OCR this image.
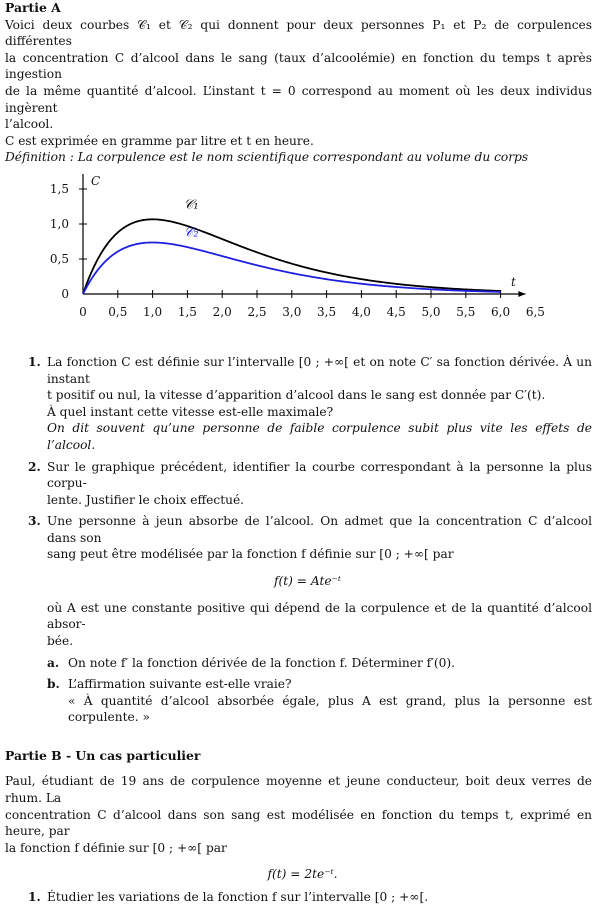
Partie A

Voici deux courbes 𝒞₁ et 𝒞₂ qui donnent pour deux personnes P₁ et P₂ de corpulences différentes

la concentration C d’alcool dans le sang (taux d’alcoolémie) en fonction du temps t après ingestion

de la même quantité d’alcool. L’instant t = 0 correspond au moment où les deux individus ingèrent

l’alcool.

C est exprimée en gramme par litre et t en heure.

Définition : La corpulence est le nom scientifique correspondant au volume du corps

0 0,5 1,0 1,5 2,0 2,5 3,0 3,5 4,0 4,5 5,0 5,5 6,0 6,5
0
0,5
1,0
1,5
C
t
𝒞₁
𝒞₂
1. La fonction C est définie sur l’intervalle [0 ; +∞[ et on note C′ sa fonction dérivée. À un instant
t positif ou nul, la vitesse d’apparition d’alcool dans le sang est donnée par C′(t).
À quel instant cette vitesse est-elle maximale?
On dit souvent qu’une personne de faible corpulence subit plus vite les effets de l’alcool.
2. Sur le graphique précédent, identifier la courbe correspondant à la personne la plus corpu-
lente. Justifier le choix effectué.
3. Une personne à jeun absorbe de l’alcool. On admet que la concentration C d’alcool dans son
sang peut être modélisée par la fonction f définie sur [0 ; +∞[ par

f(t) = Ate⁻ᵗ

où A est une constante positive qui dépend de la corpulence et de la quantité d’alcool absor-
bée.
a. On note f′ la fonction dérivée de la fonction f. Déterminer f′(0).
b. L’affirmation suivante est-elle vraie?
« À quantité d’alcool absorbée égale, plus A est grand, plus la personne est corpulente. »
Partie B - Un cas particulier

Paul, étudiant de 19 ans de corpulence moyenne et jeune conducteur, boit deux verres de rhum. La

concentration C d’alcool dans son sang est modélisée en fonction du temps t, exprimé en heure, par

la fonction f définie sur [0 ; +∞[ par

f(t) = 2te⁻ᵗ.

1. Étudier les variations de la fonction f sur l’intervalle [0 ; +∞[.
